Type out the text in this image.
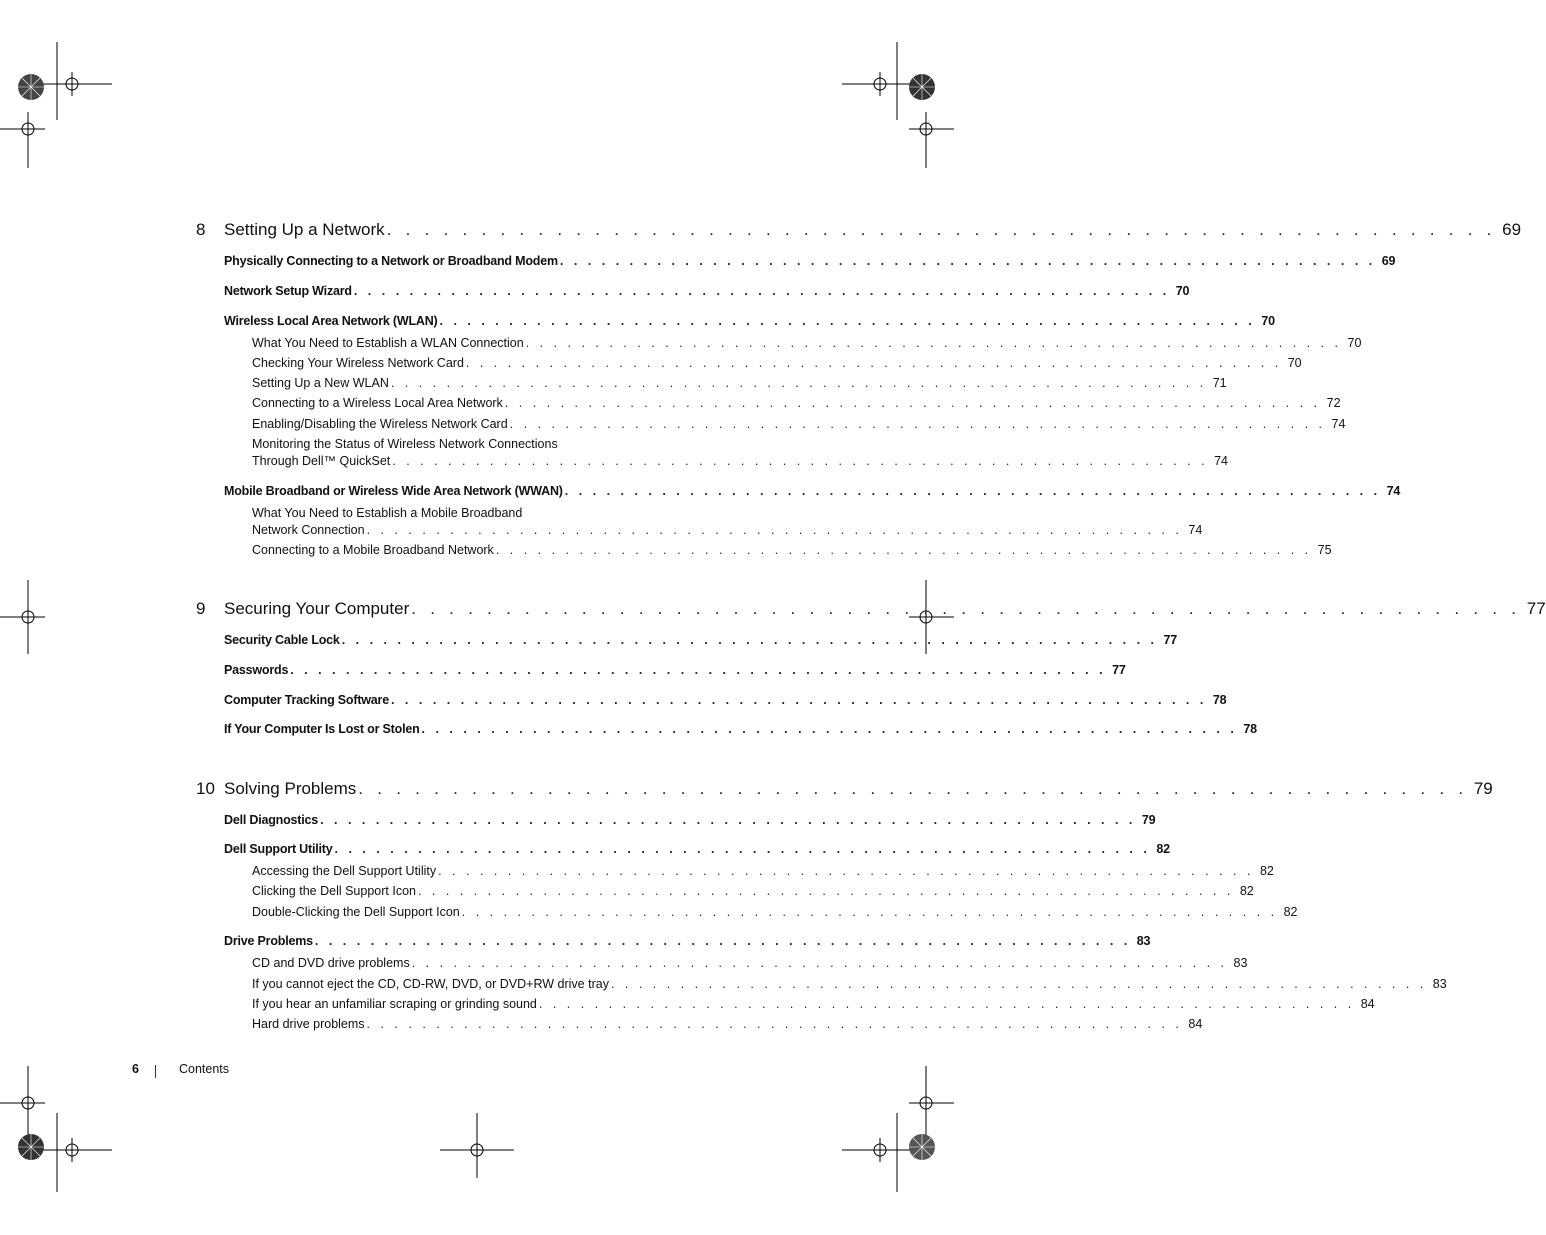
8 Setting Up a Network . . . . . . . . . . . . . . . . . . . . . . . . . . . . . . . . . . . . . . . . . . . . . . . . . . . . . . . . . . . 69
Physically Connecting to a Network or Broadband Modem . . . . . . . . . . . . . . . . . . . . . . . . . . . . . . . . . . . . . . . . . . . . . . . . . . . . . . . . . . . 69
Network Setup Wizard . . . . . . . . . . . . . . . . . . . . . . . . . . . . . . . . . . . . . . . . . . . . . . . . . . . . . . . . . . . 70
Wireless Local Area Network (WLAN) . . . . . . . . . . . . . . . . . . . . . . . . . . . . . . . . . . . . . . . . . . . . . . . . . . . . . . . . . . . 70
What You Need to Establish a WLAN Connection . . . . . . . . . . . . . . . . . . . . . . . . . . . . . . . . . . . . . . . . . . . . . . . . . . . . . . . . . . . 70
Checking Your Wireless Network Card . . . . . . . . . . . . . . . . . . . . . . . . . . . . . . . . . . . . . . . . . . . . . . . . . . . . . . . . . . . 70
Setting Up a New WLAN . . . . . . . . . . . . . . . . . . . . . . . . . . . . . . . . . . . . . . . . . . . . . . . . . . . . . . . . . . . 71
Connecting to a Wireless Local Area Network . . . . . . . . . . . . . . . . . . . . . . . . . . . . . . . . . . . . . . . . . . . . . . . . . . . . . . . . . . . 72
Enabling/Disabling the Wireless Network Card . . . . . . . . . . . . . . . . . . . . . . . . . . . . . . . . . . . . . . . . . . . . . . . . . . . . . . . . . . . 74
Monitoring the Status of Wireless Network Connections
Through Dell™ QuickSet . . . . . . . . . . . . . . . . . . . . . . . . . . . . . . . . . . . . . . . . . . . . . . . . . . . . . . . . . . . 74
Mobile Broadband or Wireless Wide Area Network (WWAN) . . . . . . . . . . . . . . . . . . . . . . . . . . . . . . . . . . . . . . . . . . . . . . . . . . . . . . . . . . . 74
What You Need to Establish a Mobile Broadband
Network Connection . . . . . . . . . . . . . . . . . . . . . . . . . . . . . . . . . . . . . . . . . . . . . . . . . . . . . . . . . . . 74
Connecting to a Mobile Broadband Network . . . . . . . . . . . . . . . . . . . . . . . . . . . . . . . . . . . . . . . . . . . . . . . . . . . . . . . . . . . 75
9 Securing Your Computer . . . . . . . . . . . . . . . . . . . . . . . . . . . . . . . . . . . . . . . . . . . . . . . . . . . . . . . . . . . 77
Security Cable Lock . . . . . . . . . . . . . . . . . . . . . . . . . . . . . . . . . . . . . . . . . . . . . . . . . . . . . . . . . . . 77
Passwords . . . . . . . . . . . . . . . . . . . . . . . . . . . . . . . . . . . . . . . . . . . . . . . . . . . . . . . . . . . 77
Computer Tracking Software . . . . . . . . . . . . . . . . . . . . . . . . . . . . . . . . . . . . . . . . . . . . . . . . . . . . . . . . . . . 78
If Your Computer Is Lost or Stolen . . . . . . . . . . . . . . . . . . . . . . . . . . . . . . . . . . . . . . . . . . . . . . . . . . . . . . . . . . . 78
10 Solving Problems . . . . . . . . . . . . . . . . . . . . . . . . . . . . . . . . . . . . . . . . . . . . . . . . . . . . . . . . . . . 79
Dell Diagnostics . . . . . . . . . . . . . . . . . . . . . . . . . . . . . . . . . . . . . . . . . . . . . . . . . . . . . . . . . . . 79
Dell Support Utility . . . . . . . . . . . . . . . . . . . . . . . . . . . . . . . . . . . . . . . . . . . . . . . . . . . . . . . . . . . 82
Accessing the Dell Support Utility . . . . . . . . . . . . . . . . . . . . . . . . . . . . . . . . . . . . . . . . . . . . . . . . . . . . . . . . . . . 82
Clicking the Dell Support Icon . . . . . . . . . . . . . . . . . . . . . . . . . . . . . . . . . . . . . . . . . . . . . . . . . . . . . . . . . . . 82
Double-Clicking the Dell Support Icon . . . . . . . . . . . . . . . . . . . . . . . . . . . . . . . . . . . . . . . . . . . . . . . . . . . . . . . . . . . 82
Drive Problems . . . . . . . . . . . . . . . . . . . . . . . . . . . . . . . . . . . . . . . . . . . . . . . . . . . . . . . . . . . 83
CD and DVD drive problems . . . . . . . . . . . . . . . . . . . . . . . . . . . . . . . . . . . . . . . . . . . . . . . . . . . . . . . . . . . 83
If you cannot eject the CD, CD-RW, DVD, or DVD+RW drive tray . . . . . . . . . . . . . . . . . . . . . . . . . . . . . . . . . . . . . . . . . . . . . . . . . . . . . . . . . . . 83
If you hear an unfamiliar scraping or grinding sound . . . . . . . . . . . . . . . . . . . . . . . . . . . . . . . . . . . . . . . . . . . . . . . . . . . . . . . . . . . 84
Hard drive problems . . . . . . . . . . . . . . . . . . . . . . . . . . . . . . . . . . . . . . . . . . . . . . . . . . . . . . . . . . . 84
6	Contents
